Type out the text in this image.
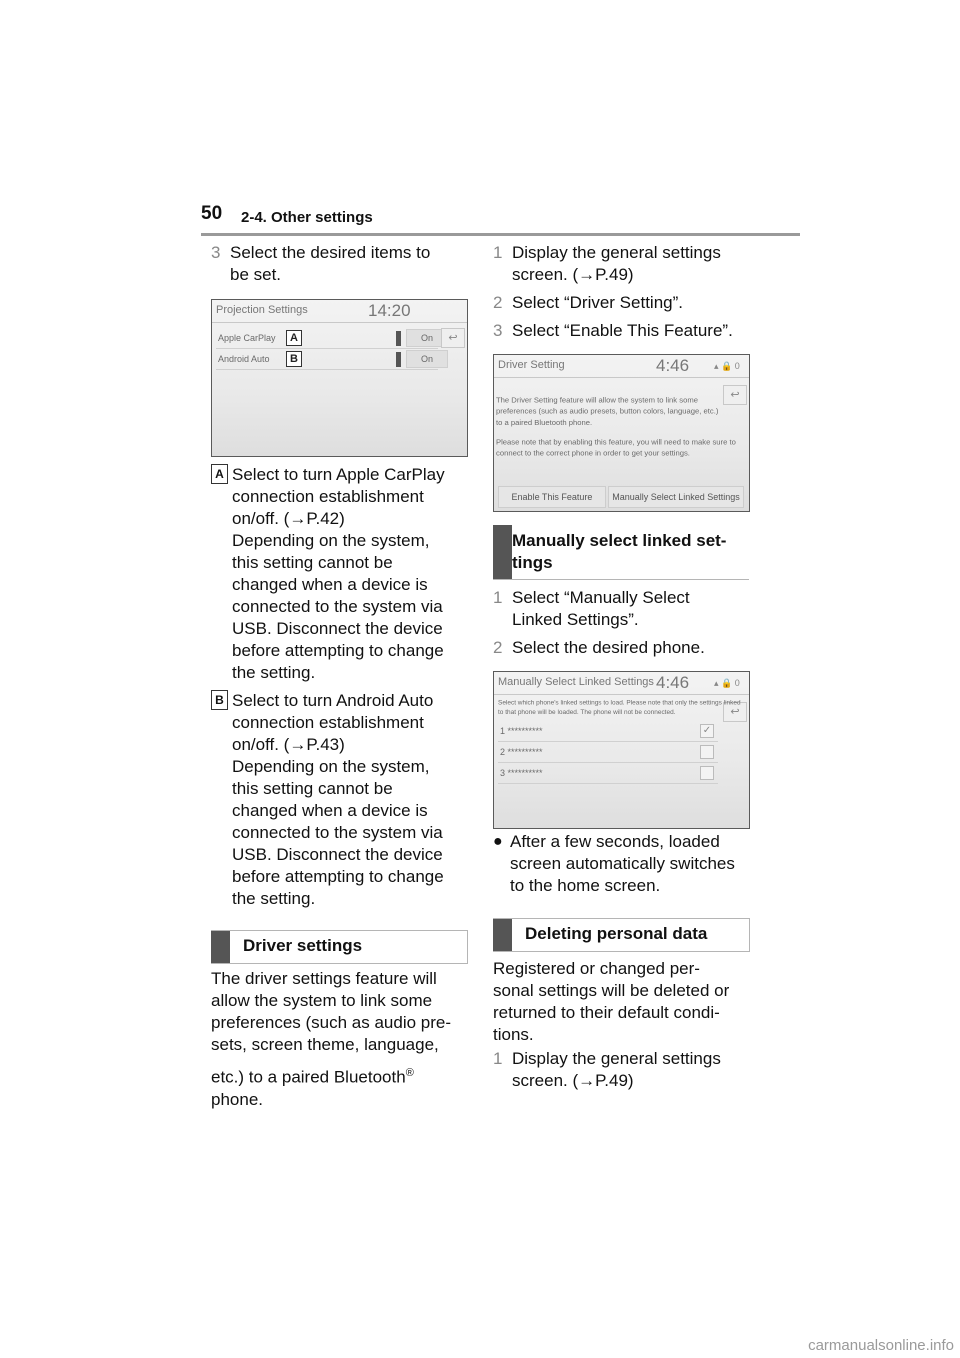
50 2-4. Other settings
3 Select the desired items to
be set.
Projection Settings	14:20
Apple CarPlay	A	On
Android Auto	B	On
↩
A Select to turn Apple CarPlay
connection establishment
on/off. (→P.42)
Depending on the system,
this setting cannot be
changed when a device is
connected to the system via
USB. Disconnect the device
before attempting to change
the setting.
B Select to turn Android Auto
connection establishment
on/off. (→P.43)
Depending on the system,
this setting cannot be
changed when a device is
connected to the system via
USB. Disconnect the device
before attempting to change
the setting.
Driver settings
The driver settings feature will
allow the system to link some
preferences (such as audio pre-
sets, screen theme, language,
etc.) to a paired Bluetooth®
phone.
1 Display the general settings
screen. (→P.49)
2 Select “Driver Setting”.
3 Select “Enable This Feature”.
Driver Setting	4:46	▴ 🔒 0
↩
The Driver Setting feature will allow the system to link some
preferences (such as audio presets, button colors, language, etc.)
to a paired Bluetooth phone.
Please note that by enabling this feature, you will need to make sure to
connect to the correct phone in order to get your settings.
Enable This Feature	Manually Select Linked Settings
Manually select linked set-
tings
1 Select “Manually Select
Linked Settings”.
2 Select the desired phone.
Manually Select Linked Settings 4:46	▴ 🔒 0
↩
Select which phone's linked settings to load. Please note that only the settings linked
to that phone will be loaded. The phone will not be connected.
1 **********	✓
2 **********
3 **********
● After a few seconds, loaded
screen automatically switches
to the home screen.
Deleting personal data
Registered or changed per-
sonal settings will be deleted or
returned to their default condi-
tions.
1 Display the general settings
screen. (→P.49)
carmanualsonline.info
